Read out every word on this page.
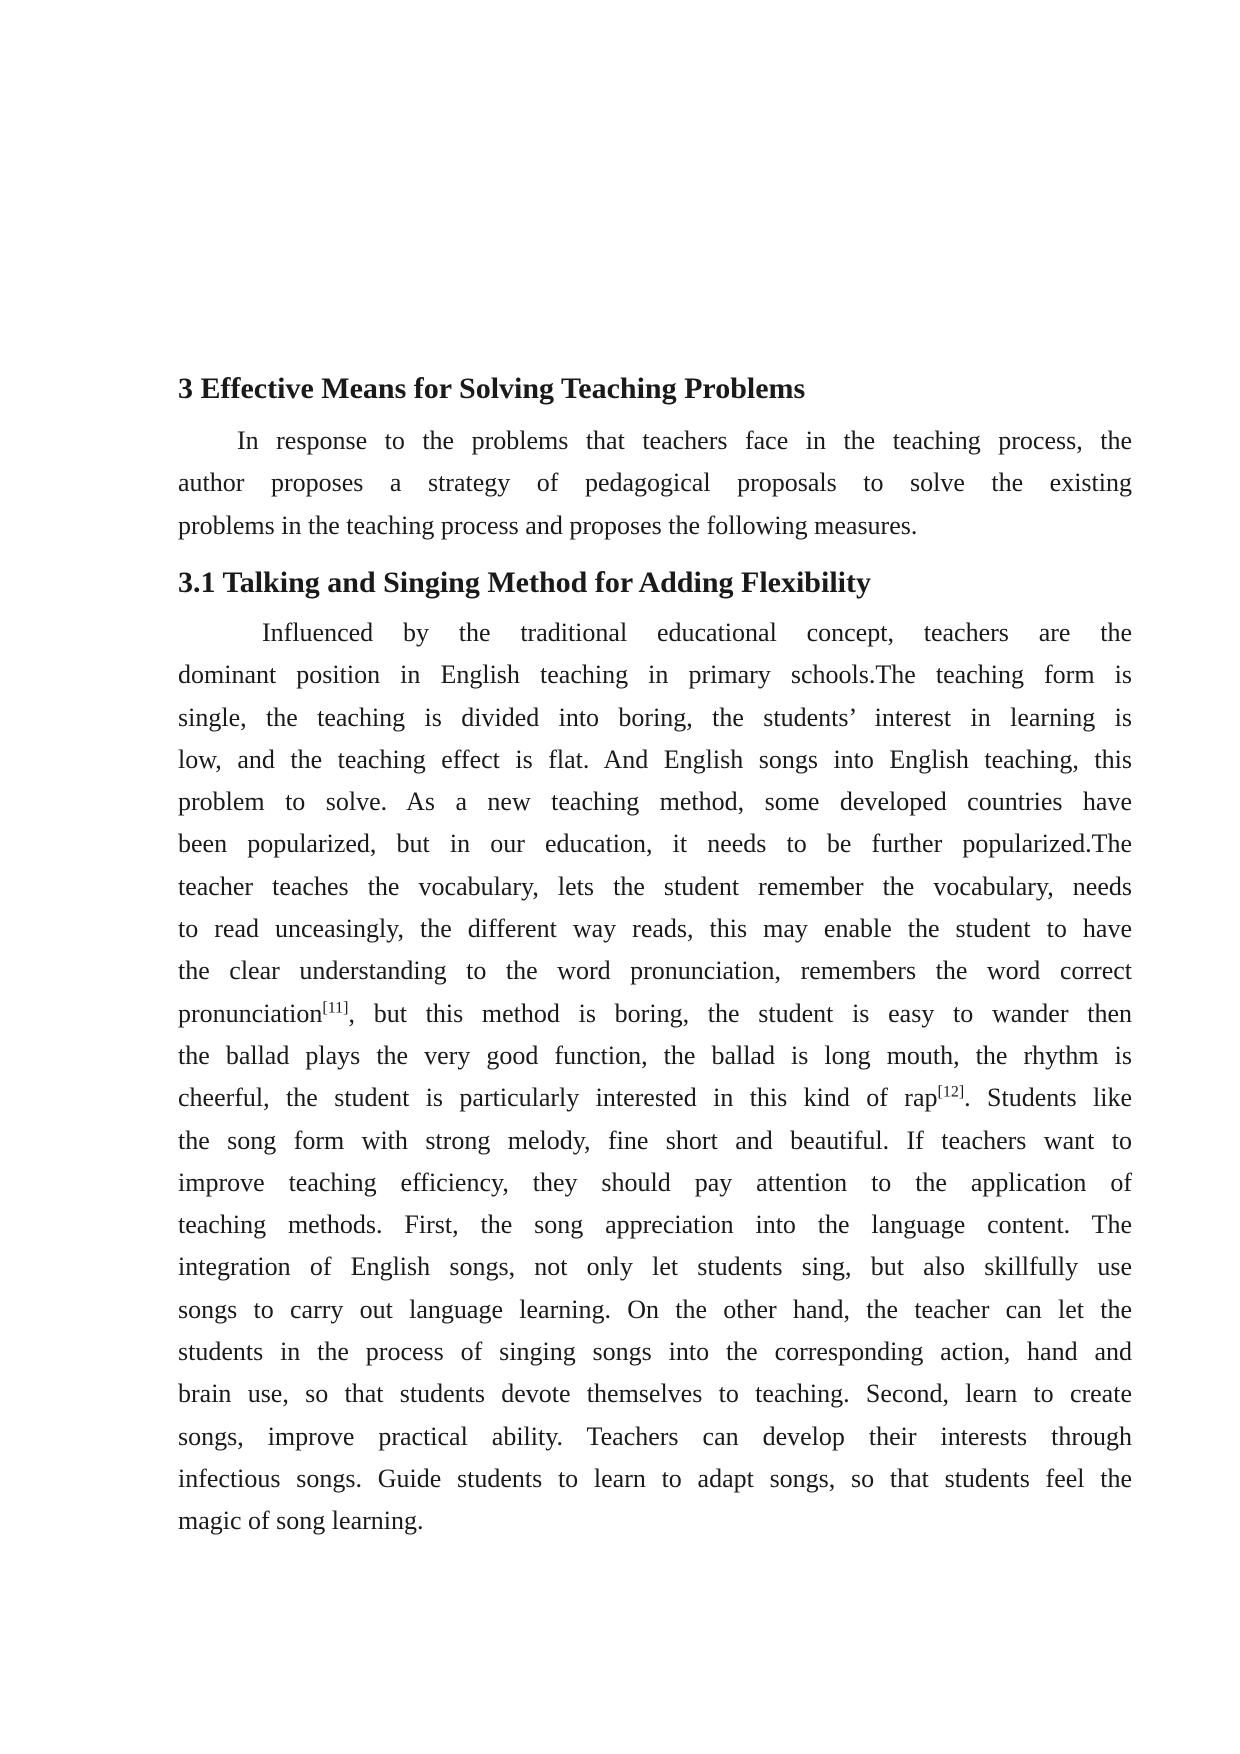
3 Effective Means for Solving Teaching Problems
In response to the problems that teachers face in the teaching process, the
author proposes a strategy of pedagogical proposals to solve the existing
problems in the teaching process and proposes the following measures.
3.1 Talking and Singing Method for Adding Flexibility
Influenced by the traditional educational concept, teachers are the
dominant position in English teaching in primary schools.The teaching form is
single, the teaching is divided into boring, the students’ interest in learning is
low, and the teaching effect is flat. And English songs into English teaching, this
problem to solve. As a new teaching method, some developed countries have
been popularized, but in our education, it needs to be further popularized.The
teacher teaches the vocabulary, lets the student remember the vocabulary, needs
to read unceasingly, the different way reads, this may enable the student to have
the clear understanding to the word pronunciation, remembers the word correct
pronunciation[11], but this method is boring, the student is easy to wander then
the ballad plays the very good function, the ballad is long mouth, the rhythm is
cheerful, the student is particularly interested in this kind of rap[12]. Students like
the song form with strong melody, fine short and beautiful. If teachers want to
improve teaching efficiency, they should pay attention to the application of
teaching methods. First, the song appreciation into the language content. The
integration of English songs, not only let students sing, but also skillfully use
songs to carry out language learning. On the other hand, the teacher can let the
students in the process of singing songs into the corresponding action, hand and
brain use, so that students devote themselves to teaching. Second, learn to create
songs, improve practical ability. Teachers can develop their interests through
infectious songs. Guide students to learn to adapt songs, so that students feel the
magic of song learning.
